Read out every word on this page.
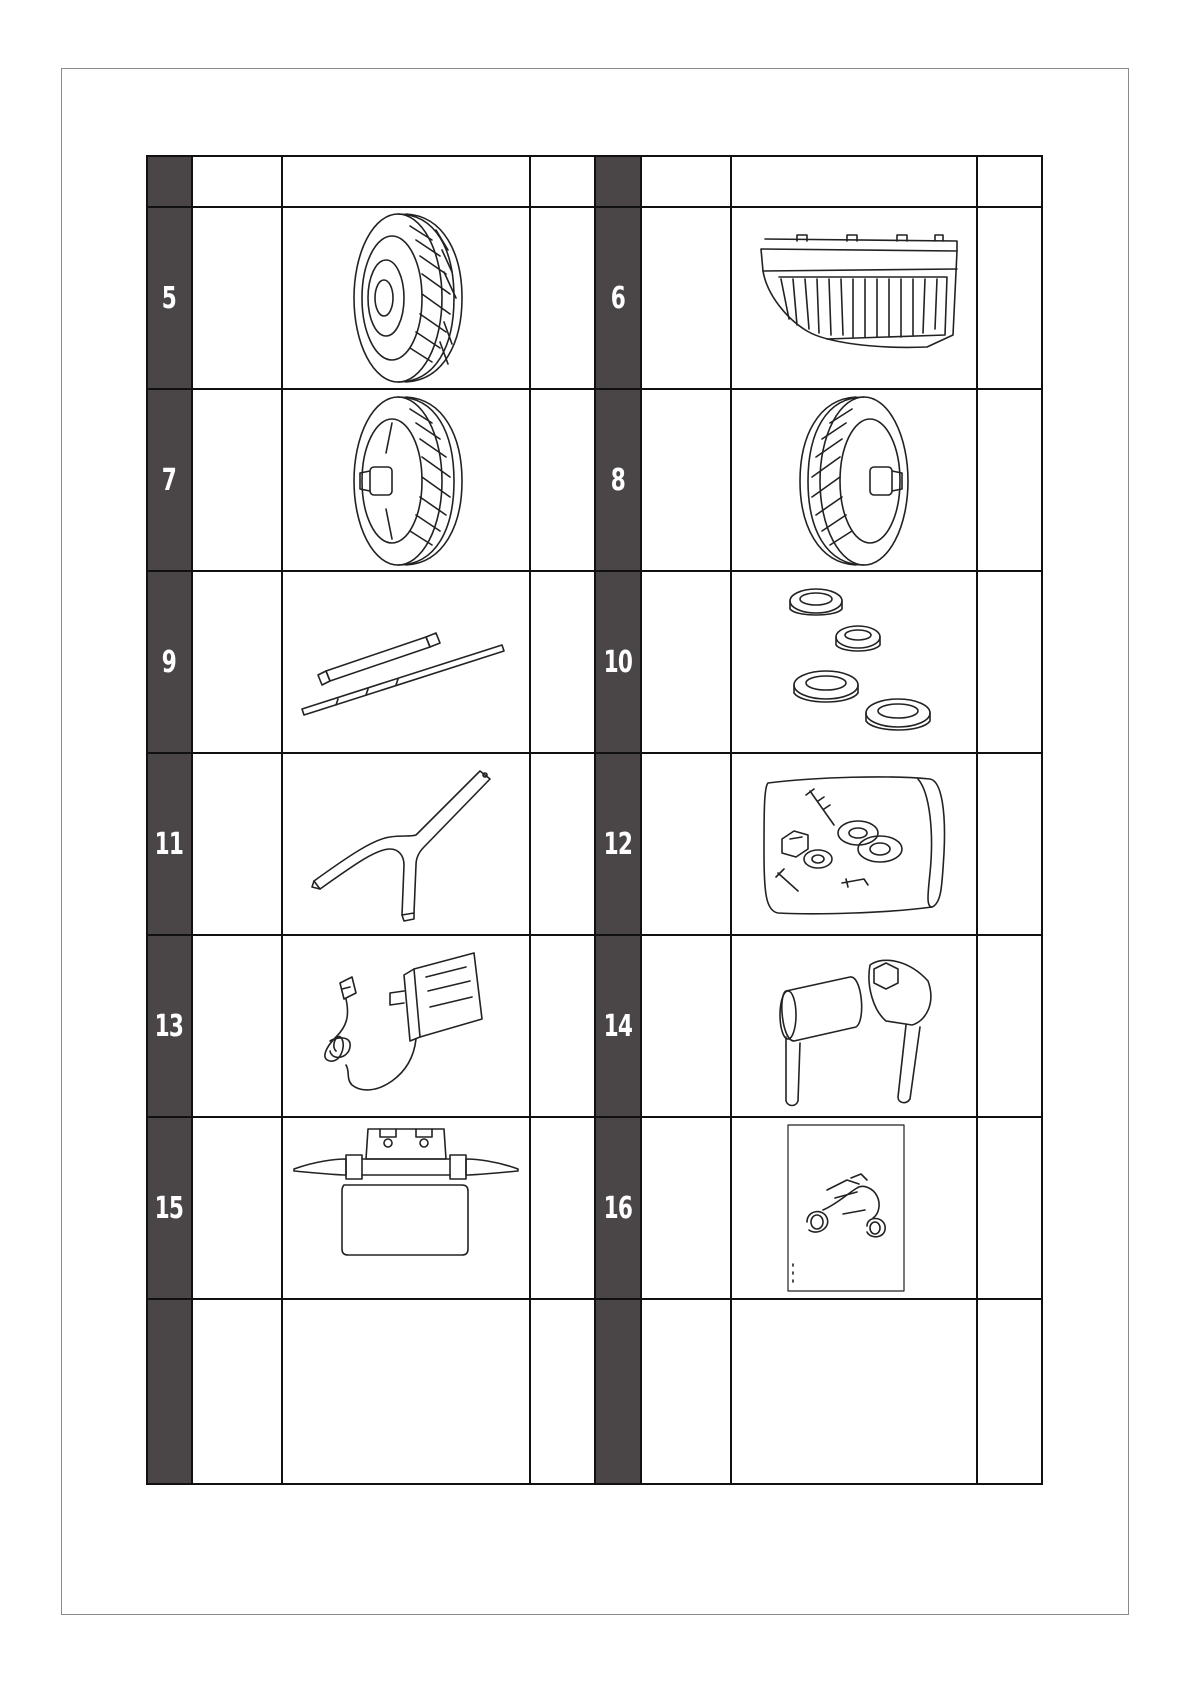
5	6
7	8
9	10
11	12
13	14
15	16
